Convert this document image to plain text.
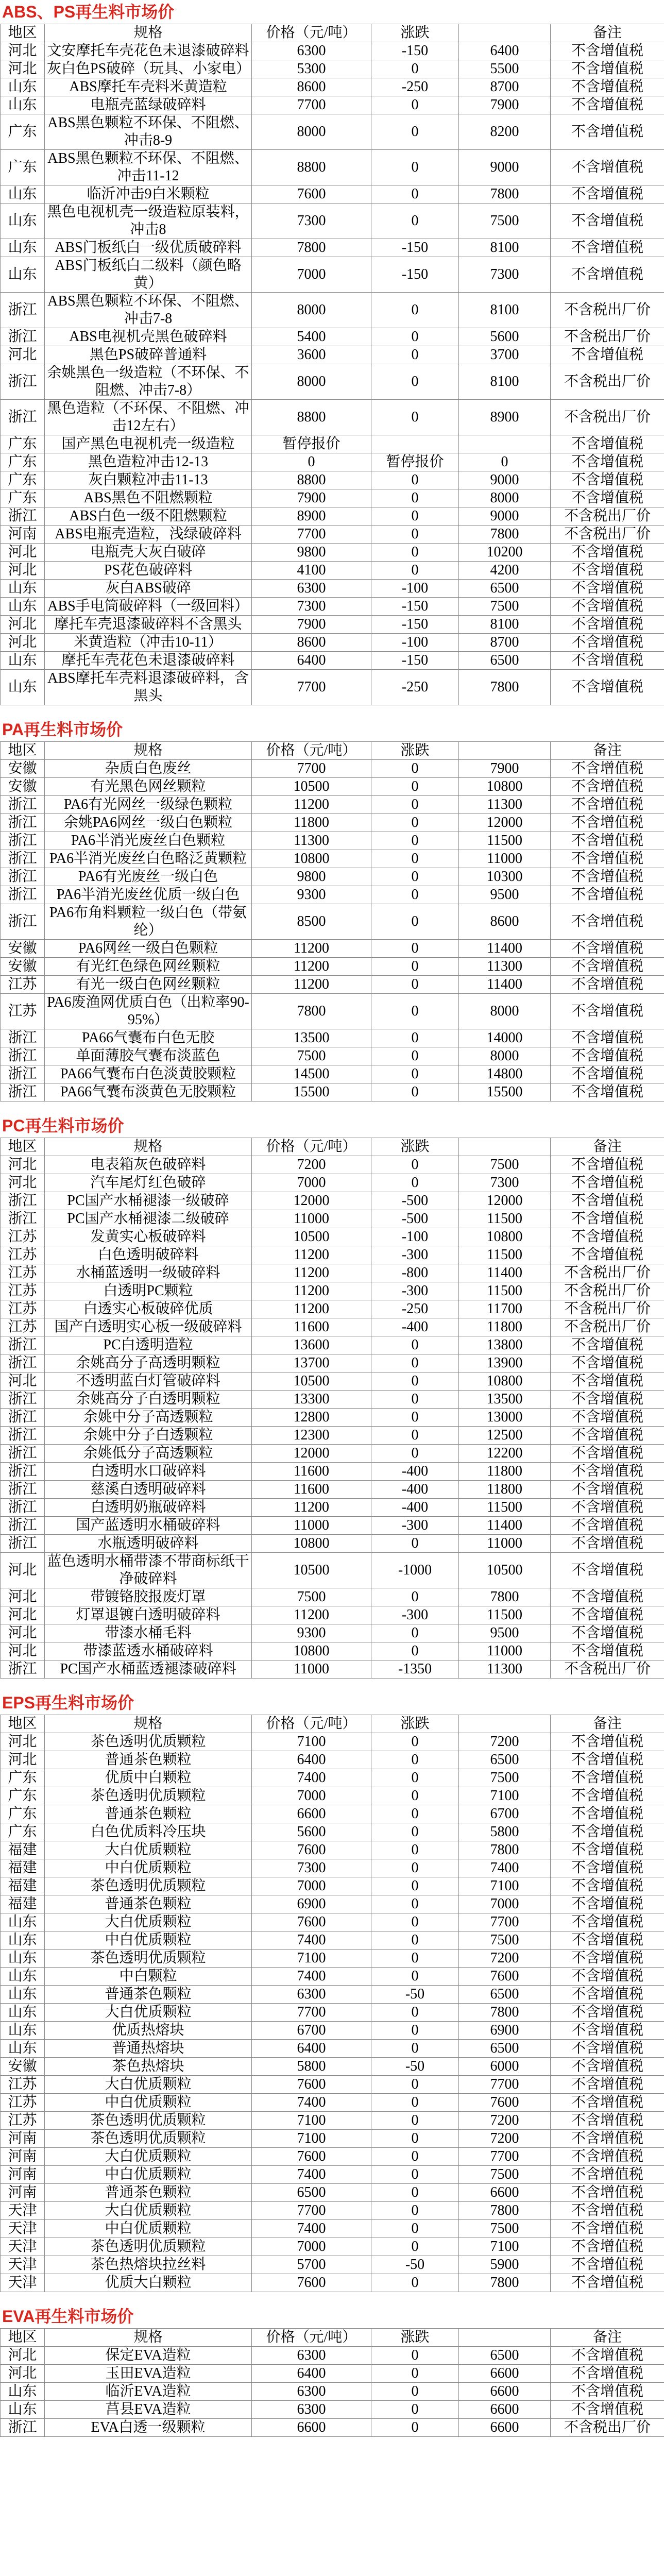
ABS、PS再生料市场价
地区	规格	价格（元/吨）	涨跌		备注
河北	文安摩托车壳花色未退漆破碎料	6300	-150	6400	不含增值税
河北	灰白色PS破碎（玩具、小家电）	5300	0	5500	不含增值税
山东	ABS摩托车壳料米黄造粒	8600	-250	8700	不含增值税
山东	电瓶壳蓝绿破碎料	7700	0	7900	不含增值税
广东	ABS黑色颗粒不环保、不阻燃、冲击8-9	8000	0	8200	不含增值税
广东	ABS黑色颗粒不环保、不阻燃、冲击11-12	8800	0	9000	不含增值税
山东	临沂冲击9白米颗粒	7600	0	7800	不含增值税
山东	黑色电视机壳一级造粒原装料，冲击8	7300	0	7500	不含增值税
山东	ABS门板纸白一级优质破碎料	7800	-150	8100	不含增值税
山东	ABS门板纸白二级料（颜色略黄）	7000	-150	7300	不含增值税
浙江	ABS黑色颗粒不环保、不阻燃、冲击7-8	8000	0	8100	不含税出厂价
浙江	ABS电视机壳黑色破碎料	5400	0	5600	不含税出厂价
河北	黑色PS破碎普通料	3600	0	3700	不含增值税
浙江	余姚黑色一级造粒（不环保、不阻燃、冲击7-8）	8000	0	8100	不含税出厂价
浙江	黑色造粒（不环保、不阻燃、冲击12左右）	8800	0	8900	不含税出厂价
广东	国产黑色电视机壳一级造粒	暂停报价			不含增值税
广东	黑色造粒冲击12-13	0	暂停报价	0	不含增值税
广东	灰白颗粒冲击11-13	8800	0	9000	不含增值税
广东	ABS黑色不阻燃颗粒	7900	0	8000	不含增值税
浙江	ABS白色一级不阻燃颗粒	8900	0	9000	不含税出厂价
河南	ABS电瓶壳造粒，浅绿破碎料	7700	0	7800	不含税出厂价
河北	电瓶壳大灰白破碎	9800	0	10200	不含增值税
河北	PS花色破碎料	4100	0	4200	不含增值税
山东	灰白ABS破碎	6300	-100	6500	不含增值税
山东	ABS手电筒破碎料（一级回料）	7300	-150	7500	不含增值税
河北	摩托车壳退漆破碎料不含黑头	7900	-150	8100	不含增值税
河北	米黄造粒（冲击10-11）	8600	-100	8700	不含增值税
山东	摩托车壳花色未退漆破碎料	6400	-150	6500	不含增值税
山东	ABS摩托车壳料退漆破碎料，含黑头	7700	-250	7800	不含增值税
PA再生料市场价
地区	规格	价格（元/吨）	涨跌		备注
安徽	杂质白色废丝	7700	0	7900	不含增值税
安徽	有光黑色网丝颗粒	10500	0	10800	不含增值税
浙江	PA6有光网丝一级绿色颗粒	11200	0	11300	不含增值税
浙江	余姚PA6网丝一级白色颗粒	11800	0	12000	不含增值税
浙江	PA6半消光废丝白色颗粒	11300	0	11500	不含增值税
浙江	PA6半消光废丝白色略泛黄颗粒	10800	0	11000	不含增值税
浙江	PA6有光废丝一级白色	9800	0	10300	不含增值税
浙江	PA6半消光废丝优质一级白色	9300	0	9500	不含增值税
浙江	PA6布角料颗粒一级白色（带氨纶）	8500	0	8600	不含增值税
安徽	PA6网丝一级白色颗粒	11200	0	11400	不含增值税
安徽	有光红色绿色网丝颗粒	11200	0	11300	不含增值税
江苏	有光一级白色网丝颗粒	11200	0	11400	不含增值税
江苏	PA6废渔网优质白色（出粒率90-95%）	7800	0	8000	不含增值税
浙江	PA66气囊布白色无胶	13500	0	14000	不含增值税
浙江	单面薄胶气囊布淡蓝色	7500	0	8000	不含增值税
浙江	PA66气囊布白色淡黄胶颗粒	14500	0	14800	不含增值税
浙江	PA66气囊布淡黄色无胶颗粒	15500	0	15500	不含增值税
PC再生料市场价
地区	规格	价格（元/吨）	涨跌		备注
河北	电表箱灰色破碎料	7200	0	7500	不含增值税
河北	汽车尾灯红色破碎	7000	0	7300	不含增值税
浙江	PC国产水桶褪漆一级破碎	12000	-500	12000	不含增值税
浙江	PC国产水桶褪漆二级破碎	11000	-500	11500	不含增值税
江苏	发黄实心板破碎料	10500	-100	10800	不含增值税
江苏	白色透明破碎料	11200	-300	11500	不含增值税
江苏	水桶蓝透明一级破碎料	11200	-800	11400	不含税出厂价
江苏	白透明PC颗粒	11200	-300	11500	不含税出厂价
江苏	白透实心板破碎优质	11200	-250	11700	不含税出厂价
江苏	国产白透明实心板一级破碎料	11600	-400	11800	不含税出厂价
浙江	PC白透明造粒	13600	0	13800	不含增值税
浙江	余姚高分子高透明颗粒	13700	0	13900	不含增值税
河北	不透明蓝白灯管破碎料	10500	0	10800	不含增值税
浙江	余姚高分子白透明颗粒	13300	0	13500	不含增值税
浙江	余姚中分子高透颗粒	12800	0	13000	不含增值税
浙江	余姚中分子白透颗粒	12300	0	12500	不含增值税
浙江	余姚低分子高透颗粒	12000	0	12200	不含增值税
浙江	白透明水口破碎料	11600	-400	11800	不含增值税
浙江	慈溪白透明破碎料	11600	-400	11800	不含增值税
浙江	白透明奶瓶破碎料	11200	-400	11500	不含增值税
浙江	国产蓝透明水桶破碎料	11000	-300	11400	不含增值税
浙江	水瓶透明破碎料	10800	0	11000	不含增值税
河北	蓝色透明水桶带漆不带商标纸干净破碎料	10500	-1000	10500	不含增值税
河北	带镀铬胶报废灯罩	7500	0	7800	不含增值税
河北	灯罩退镀白透明破碎料	11200	-300	11500	不含增值税
河北	带漆水桶毛料	9300	0	9500	不含增值税
河北	带漆蓝透水桶破碎料	10800	0	11000	不含增值税
浙江	PC国产水桶蓝透褪漆破碎料	11000	-1350	11300	不含税出厂价
EPS再生料市场价
地区	规格	价格（元/吨）	涨跌		备注
河北	茶色透明优质颗粒	7100	0	7200	不含增值税
河北	普通茶色颗粒	6400	0	6500	不含增值税
广东	优质中白颗粒	7400	0	7500	不含增值税
广东	茶色透明优质颗粒	7000	0	7100	不含增值税
广东	普通茶色颗粒	6600	0	6700	不含增值税
广东	白色优质料冷压块	5600	0	5800	不含增值税
福建	大白优质颗粒	7600	0	7800	不含增值税
福建	中白优质颗粒	7300	0	7400	不含增值税
福建	茶色透明优质颗粒	7000	0	7100	不含增值税
福建	普通茶色颗粒	6900	0	7000	不含增值税
山东	大白优质颗粒	7600	0	7700	不含增值税
山东	中白优质颗粒	7400	0	7500	不含增值税
山东	茶色透明优质颗粒	7100	0	7200	不含增值税
山东	中白颗粒	7400	0	7600	不含增值税
山东	普通茶色颗粒	6300	-50	6500	不含增值税
山东	大白优质颗粒	7700	0	7800	不含增值税
山东	优质热熔块	6700	0	6900	不含增值税
山东	普通热熔块	6400	0	6500	不含增值税
安徽	茶色热熔块	5800	-50	6000	不含增值税
江苏	大白优质颗粒	7600	0	7700	不含增值税
江苏	中白优质颗粒	7400	0	7600	不含增值税
江苏	茶色透明优质颗粒	7100	0	7200	不含增值税
河南	茶色透明优质颗粒	7100	0	7200	不含增值税
河南	大白优质颗粒	7600	0	7700	不含增值税
河南	中白优质颗粒	7400	0	7500	不含增值税
河南	普通茶色颗粒	6500	0	6600	不含增值税
天津	大白优质颗粒	7700	0	7800	不含增值税
天津	中白优质颗粒	7400	0	7500	不含增值税
天津	茶色透明优质颗粒	7000	0	7100	不含增值税
天津	茶色热熔块拉丝料	5700	-50	5900	不含增值税
天津	优质大白颗粒	7600	0	7800	不含增值税
EVA再生料市场价
地区	规格	价格（元/吨）	涨跌		备注
河北	保定EVA造粒	6300	0	6500	不含增值税
河北	玉田EVA造粒	6400	0	6600	不含增值税
山东	临沂EVA造粒	6300	0	6600	不含增值税
山东	莒县EVA造粒	6300	0	6600	不含增值税
浙江	EVA白透一级颗粒	6600	0	6600	不含税出厂价
